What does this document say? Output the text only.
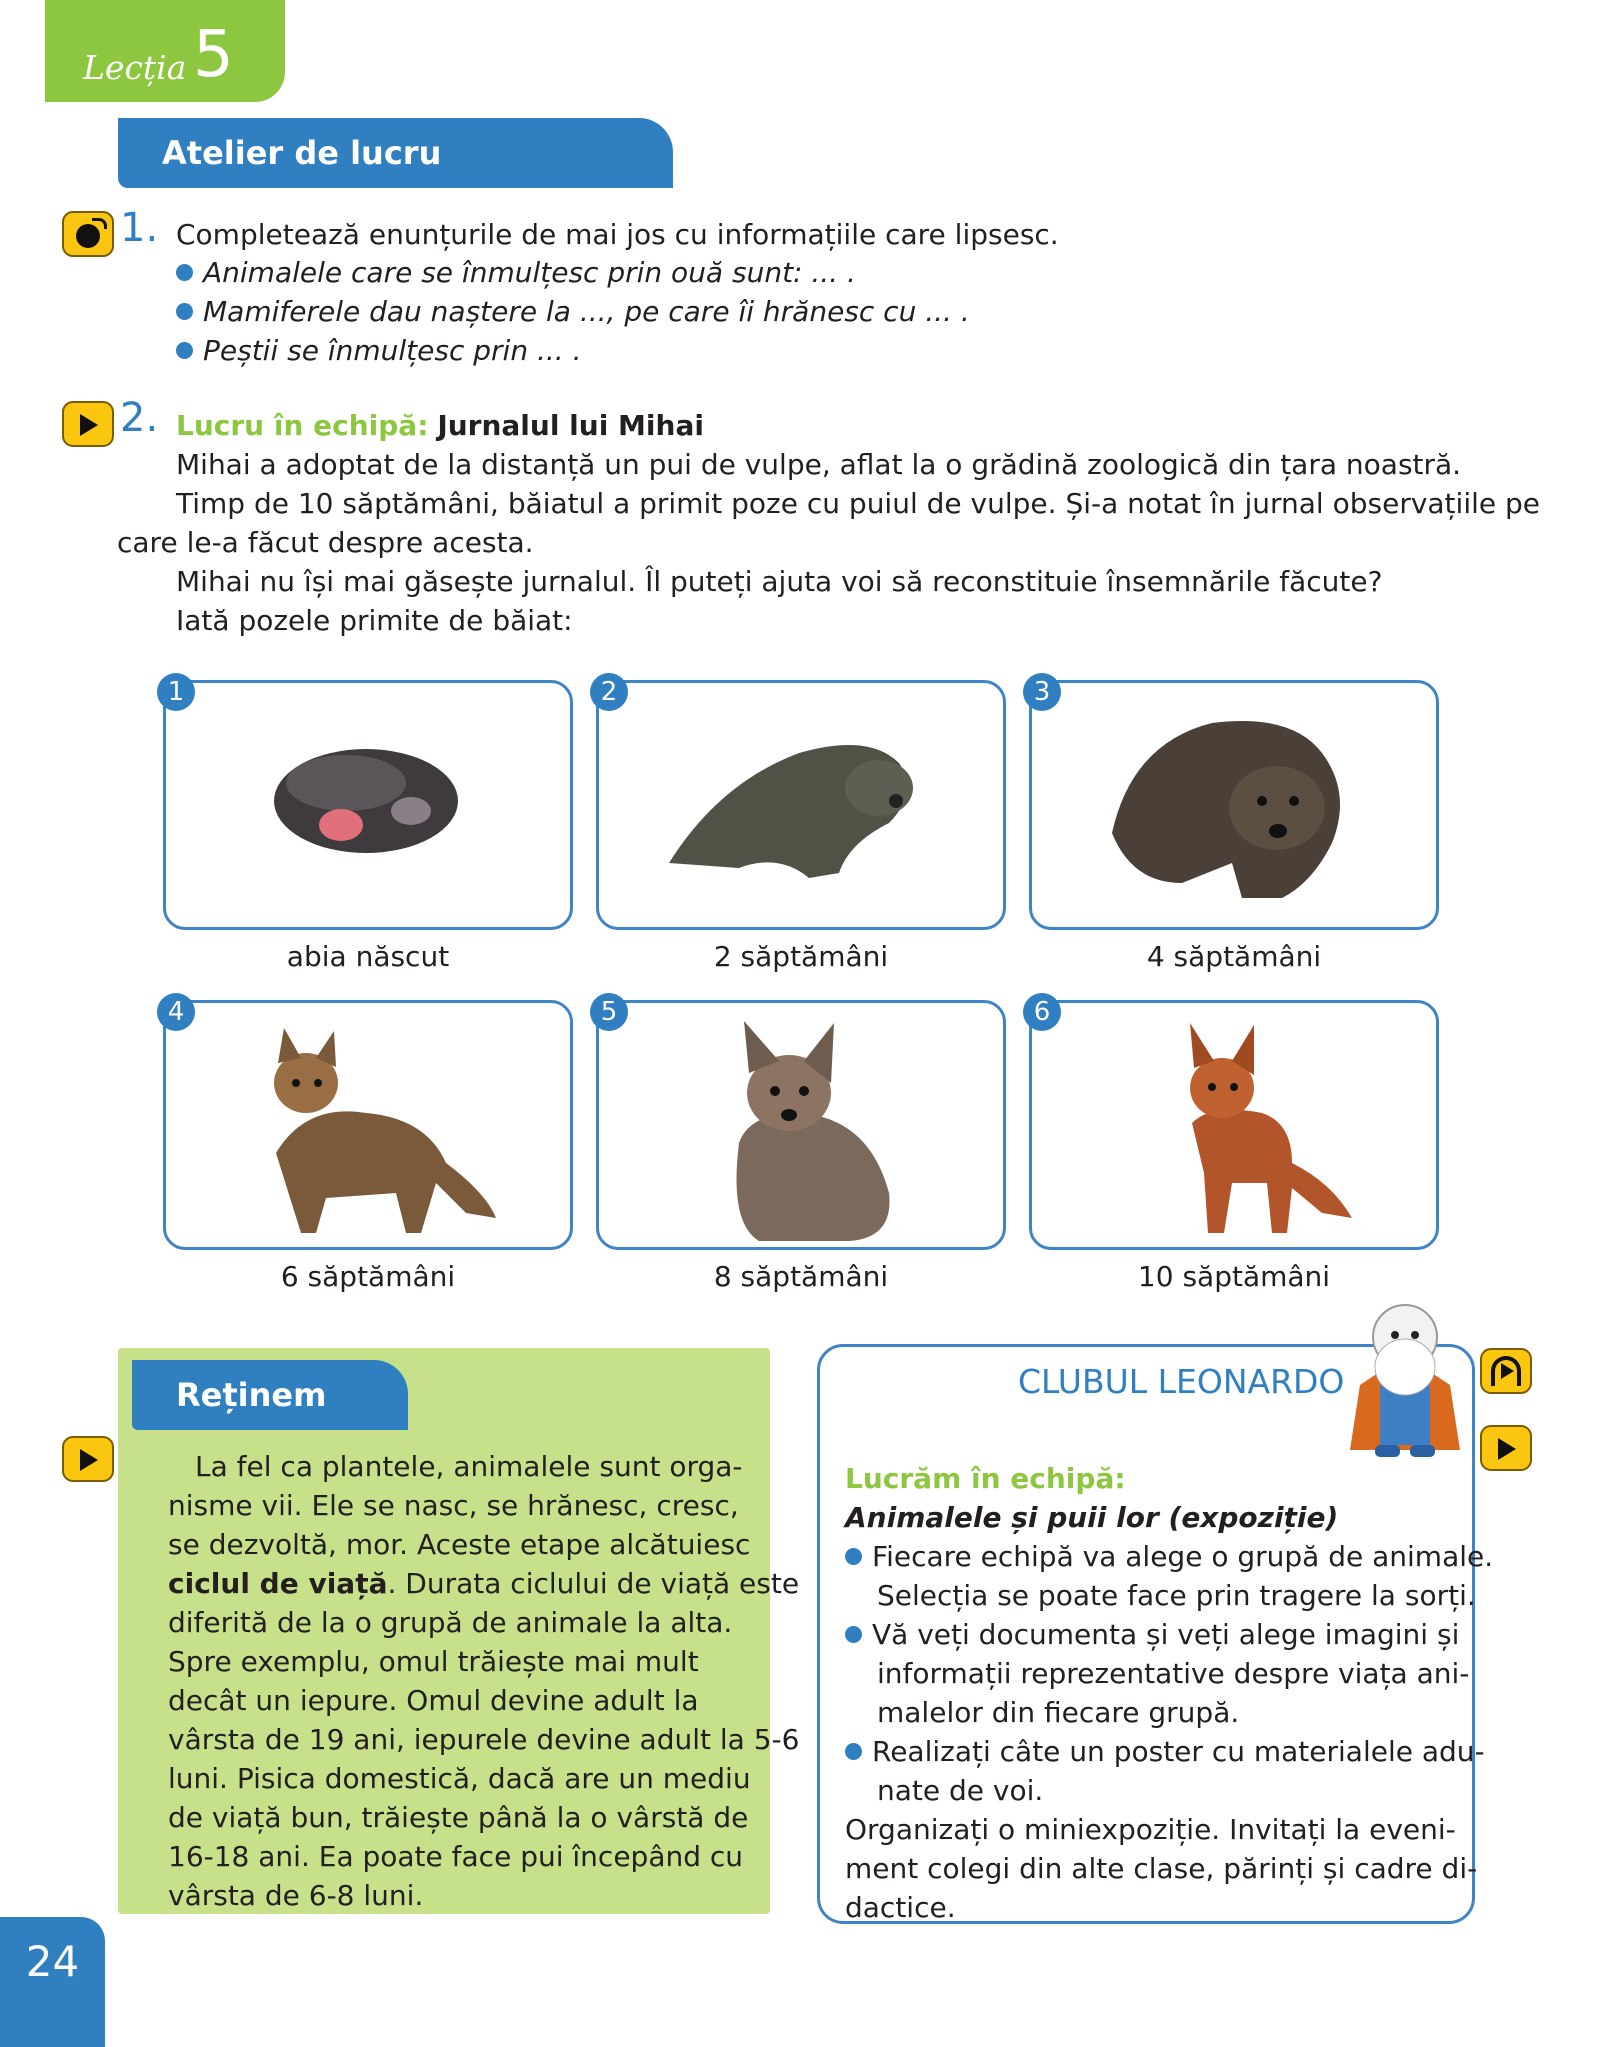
Lecția 5
Atelier de lucru
1. Completează enunțurile de mai jos cu informațiile care lipsesc.
Animalele care se înmulțesc prin ouă sunt: ... .
Mamiferele dau naștere la ..., pe care îi hrănesc cu ... .
Peștii se înmulțesc prin ... .
2. Lucru în echipă: Jurnalul lui Mihai
Mihai a adoptat de la distanță un pui de vulpe, aflat la o grădină zoologică din țara noastră.
Timp de 10 săptămâni, băiatul a primit poze cu puiul de vulpe. Și-a notat în jurnal observațiile pe
care le-a făcut despre acesta.
Mihai nu își mai găsește jurnalul. Îl puteți ajuta voi să reconstituie însemnările făcute?
Iată pozele primite de băiat:
1	2	3
abia născut	2 săptămâni	4 săptămâni
4	5	6
6 săptămâni	8 săptămâni	10 săptămâni
Reținem
La fel ca plantele, animalele sunt orga-
nisme vii. Ele se nasc, se hrănesc, cresc,
se dezvoltă, mor. Aceste etape alcătuiesc
ciclul de viață. Durata ciclului de viață este
diferită de la o grupă de animale la alta.
Spre exemplu, omul trăiește mai mult
decât un iepure. Omul devine adult la
vârsta de 19 ani, iepurele devine adult la 5-6
luni. Pisica domestică, dacă are un mediu
de viață bun, trăiește până la o vârstă de
16-18 ani. Ea poate face pui începând cu
vârsta de 6-8 luni.
CLUBUL LEONARDO
Lucrăm în echipă:
Animalele și puii lor (expoziție)
Fiecare echipă va alege o grupă de animale.
Selecția se poate face prin tragere la sorți.
Vă veți documenta și veți alege imagini și
informații reprezentative despre viața ani-
malelor din fiecare grupă.
Realizați câte un poster cu materialele adu-
nate de voi.
Organizați o miniexpoziție. Invitați la eveni-
ment colegi din alte clase, părinți și cadre di-
dactice.
24
